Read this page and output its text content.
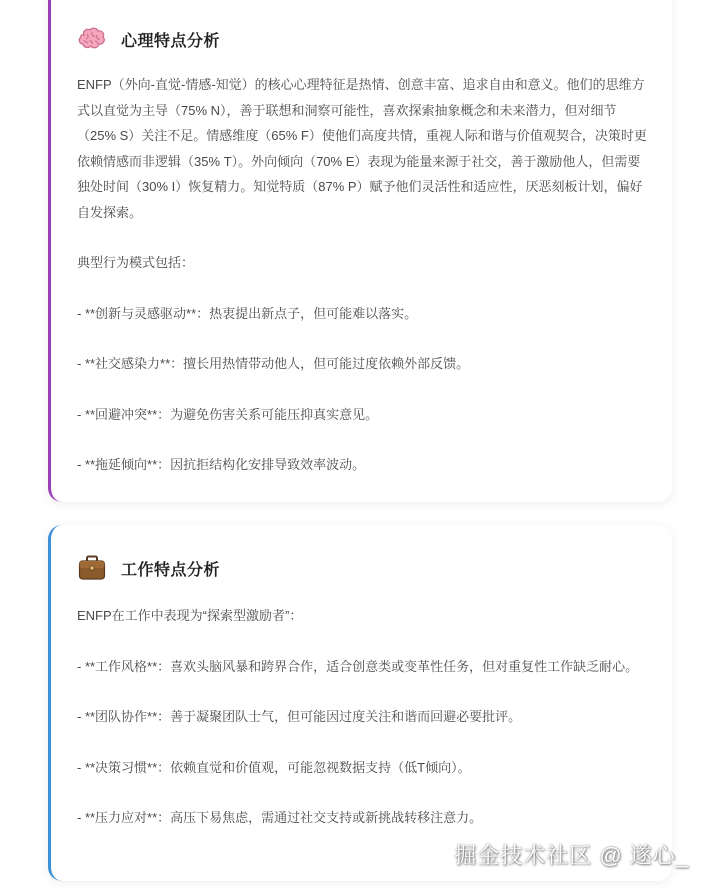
心理特点分析

ENFP（外向-直觉-情感-知觉）的核心心理特征是热情、创意丰富、追求自由和意义。他们的思维方式以直觉为主导（75% N），善于联想和洞察可能性，喜欢探索抽象概念和未来潜力，但对细节（25% S）关注不足。情感维度（65% F）使他们高度共情，重视人际和谐与价值观契合，决策时更依赖情感而非逻辑（35% T）。外向倾向（70% E）表现为能量来源于社交，善于激励他人，但需要独处时间（30% I）恢复精力。知觉特质（87% P）赋予他们灵活性和适应性，厌恶刻板计划，偏好自发探索。

典型行为模式包括：

- **创新与灵感驱动**：热衷提出新点子，但可能难以落实。

- **社交感染力**：擅长用热情带动他人，但可能过度依赖外部反馈。

- **回避冲突**：为避免伤害关系可能压抑真实意见。

- **拖延倾向**：因抗拒结构化安排导致效率波动。

工作特点分析

ENFP在工作中表现为“探索型激励者”：

- **工作风格**：喜欢头脑风暴和跨界合作，适合创意类或变革性任务，但对重复性工作缺乏耐心。

- **团队协作**：善于凝聚团队士气，但可能因过度关注和谐而回避必要批评。

- **决策习惯**：依赖直觉和价值观，可能忽视数据支持（低T倾向）。

- **压力应对**：高压下易焦虑，需通过社交支持或新挑战转移注意力。

掘金技术社区 @ 遂心_
